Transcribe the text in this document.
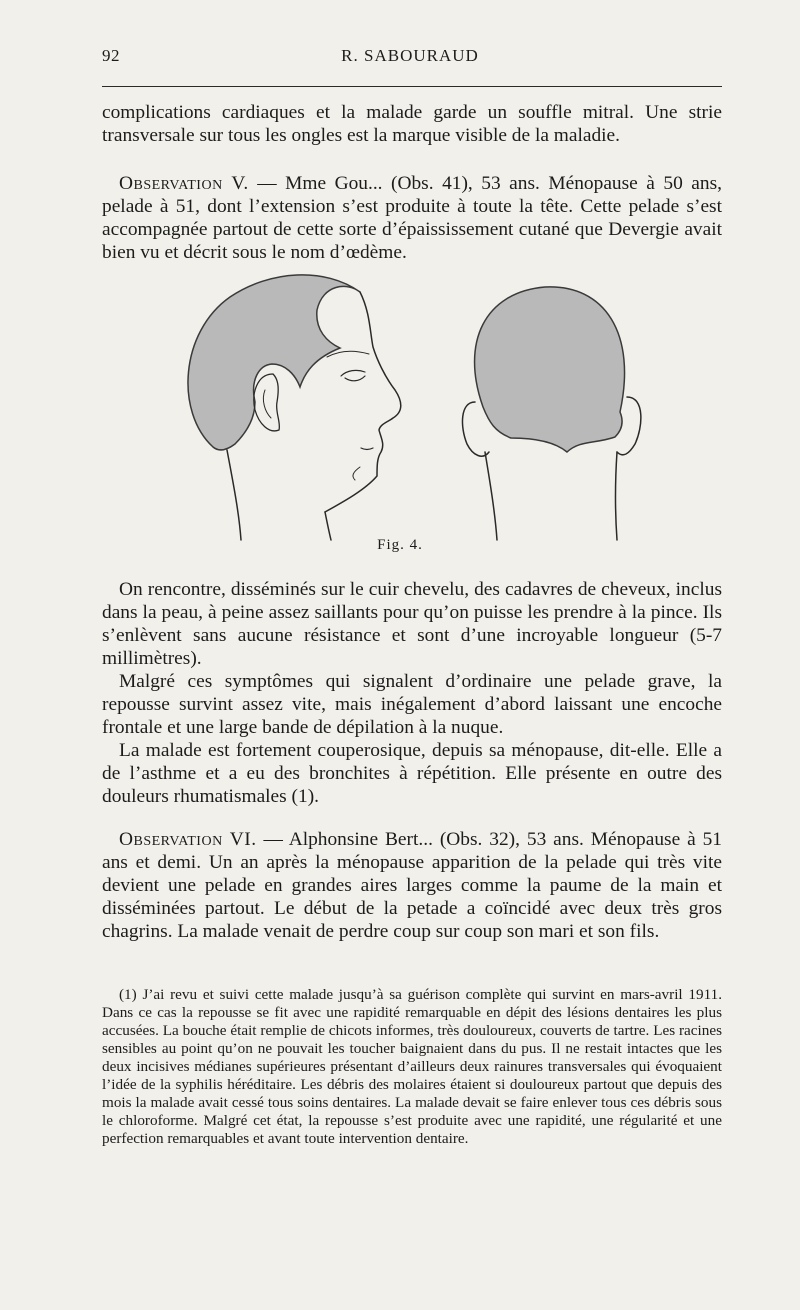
92	R. SABOURAUD

complications cardiaques et la malade garde un souffle mitral. Une strie transversale sur tous les ongles est la marque visible de la maladie.

Observation V. — Mme Gou... (Obs. 41), 53 ans. Ménopause à 50 ans, pelade à 51, dont l’extension s’est produite à toute la tête. Cette pelade s’est accompagnée partout de cette sorte d’épaississement cutané que Devergie avait bien vu et décrit sous le nom d’œdème.

Fig. 4.

On rencontre, disséminés sur le cuir chevelu, des cadavres de cheveux, inclus dans la peau, à peine assez saillants pour qu’on puisse les prendre à la pince. Ils s’enlèvent sans aucune résistance et sont d’une incroyable longueur (5-7 millimètres).

Malgré ces symptômes qui signalent d’ordinaire une pelade grave, la repousse survint assez vite, mais inégalement d’abord laissant une encoche frontale et une large bande de dépilation à la nuque.

La malade est fortement couperosique, depuis sa ménopause, dit-elle. Elle a de l’asthme et a eu des bronchites à répétition. Elle présente en outre des douleurs rhumatismales (1).

Observation VI. — Alphonsine Bert... (Obs. 32), 53 ans. Ménopause à 51 ans et demi. Un an après la ménopause apparition de la pelade qui très vite devient une pelade en grandes aires larges comme la paume de la main et disséminées partout. Le début de la petade a coïncidé avec deux très gros chagrins. La malade venait de perdre coup sur coup son mari et son fils.

(1) J’ai revu et suivi cette malade jusqu’à sa guérison complète qui survint en mars-avril 1911. Dans ce cas la repousse se fit avec une rapidité remarquable en dépit des lésions dentaires les plus accusées. La bouche était remplie de chicots informes, très douloureux, couverts de tartre. Les racines sensibles au point qu’on ne pouvait les toucher baignaient dans du pus. Il ne restait intactes que les deux incisives médianes supérieures présentant d’ailleurs deux rainures transversales qui évoquaient l’idée de la syphilis héréditaire. Les débris des molaires étaient si douloureux partout que depuis des mois la malade avait cessé tous soins dentaires. La malade devait se faire enlever tous ces débris sous le chloroforme. Malgré cet état, la repousse s’est produite avec une rapidité, une régularité et une perfection remarquables et avant toute intervention dentaire.
